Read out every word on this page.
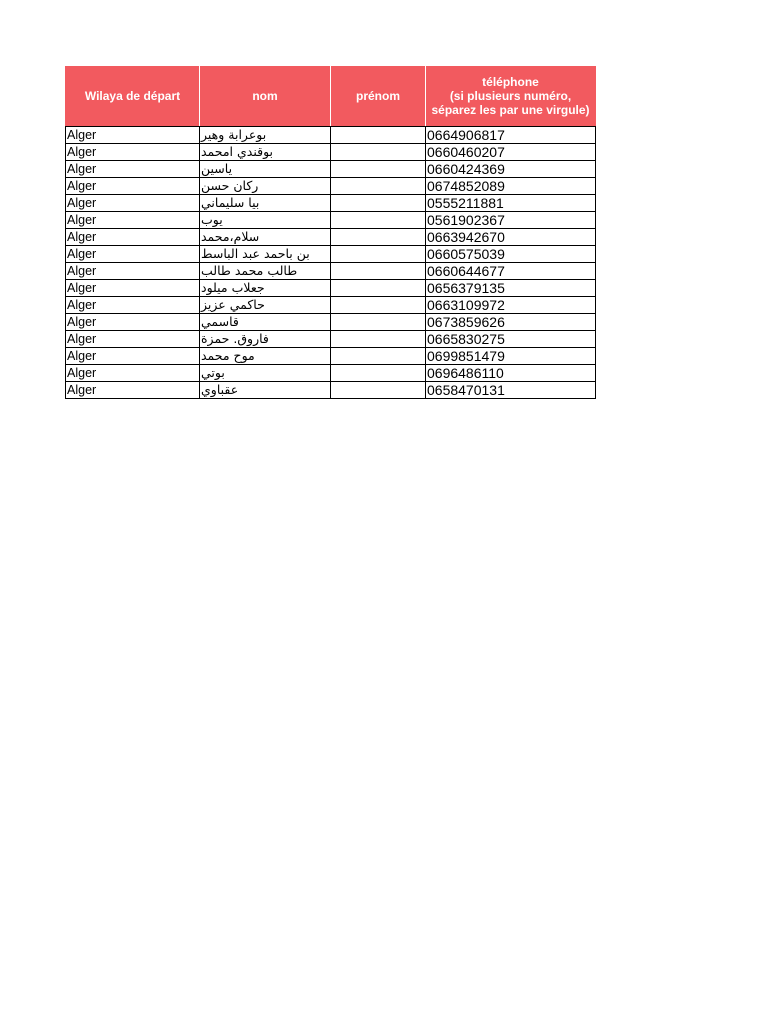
Wilaya de départ	nom	prénom	téléphone
(si plusieurs numéro,
séparez les par une virgule)
Alger	بوعرابة وهير		0664906817
Alger	بوقندي امحمد		0660460207
Alger	ياسين		0660424369
Alger	ركان حسن		0674852089
Alger	بيا سليماني		0555211881
Alger	يوب		0561902367
Alger	سلام،محمد		0663942670
Alger	بن باحمد عبد الباسط		0660575039
Alger	طالب محمد طالب		0660644677
Alger	جعلاب ميلود		0656379135
Alger	حاكمي عزيز		0663109972
Alger	قاسمي		0673859626
Alger	فاروق. حمزة		0665830275
Alger	موح محمد		0699851479
Alger	بوتي		0696486110
Alger	عقباوي		0658470131
